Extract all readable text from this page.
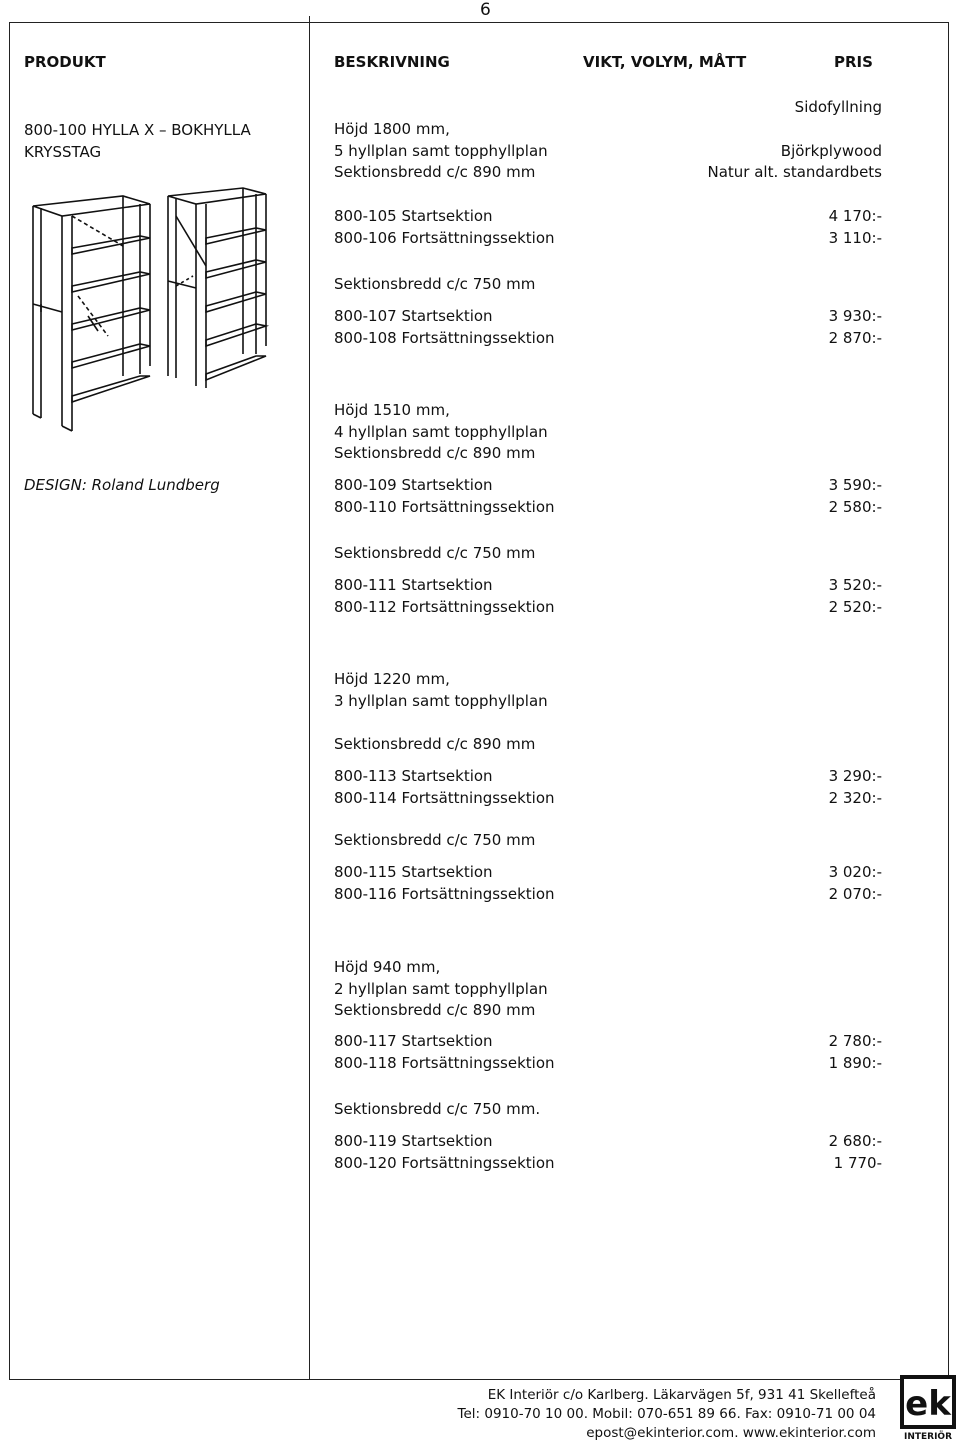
6
PRODUKT	BESKRIVNING	VIKT, VOLYM, MÅTT	PRIS
800-100 HYLLA X – BOKHYLLA
KRYSSTAG
DESIGN: Roland Lundberg
Sidofyllning
Björkplywood
Natur alt. standardbets
Höjd 1800 mm,
5 hyllplan samt topphyllplan
Sektionsbredd c/c 890 mm
800-105 Startsektion	4 170:-
800-106 Fortsättningssektion	3 110:-
Sektionsbredd c/c 750 mm
800-107 Startsektion	3 930:-
800-108 Fortsättningssektion	2 870:-
Höjd 1510 mm,
4 hyllplan samt topphyllplan
Sektionsbredd c/c 890 mm
800-109 Startsektion	3 590:-
800-110 Fortsättningssektion	2 580:-
Sektionsbredd c/c 750 mm
800-111 Startsektion	3 520:-
800-112 Fortsättningssektion	2 520:-
Höjd 1220 mm,
3 hyllplan samt topphyllplan
Sektionsbredd c/c 890 mm
800-113 Startsektion	3 290:-
800-114 Fortsättningssektion	2 320:-
Sektionsbredd c/c 750 mm
800-115 Startsektion	3 020:-
800-116 Fortsättningssektion	2 070:-
Höjd 940 mm,
2 hyllplan samt topphyllplan
Sektionsbredd c/c 890 mm
800-117 Startsektion	2 780:-
800-118 Fortsättningssektion	1 890:-
Sektionsbredd c/c 750 mm.
800-119 Startsektion	2 680:-
800-120 Fortsättningssektion	1 770-
EK Interiör c/o Karlberg. Läkarvägen 5f, 931 41 Skellefteå
Tel: 0910-70 10 00. Mobil: 070-651 89 66. Fax: 0910-71 00 04
epost@ekinterior.com. www.ekinterior.com
ek
INTERIÖR
